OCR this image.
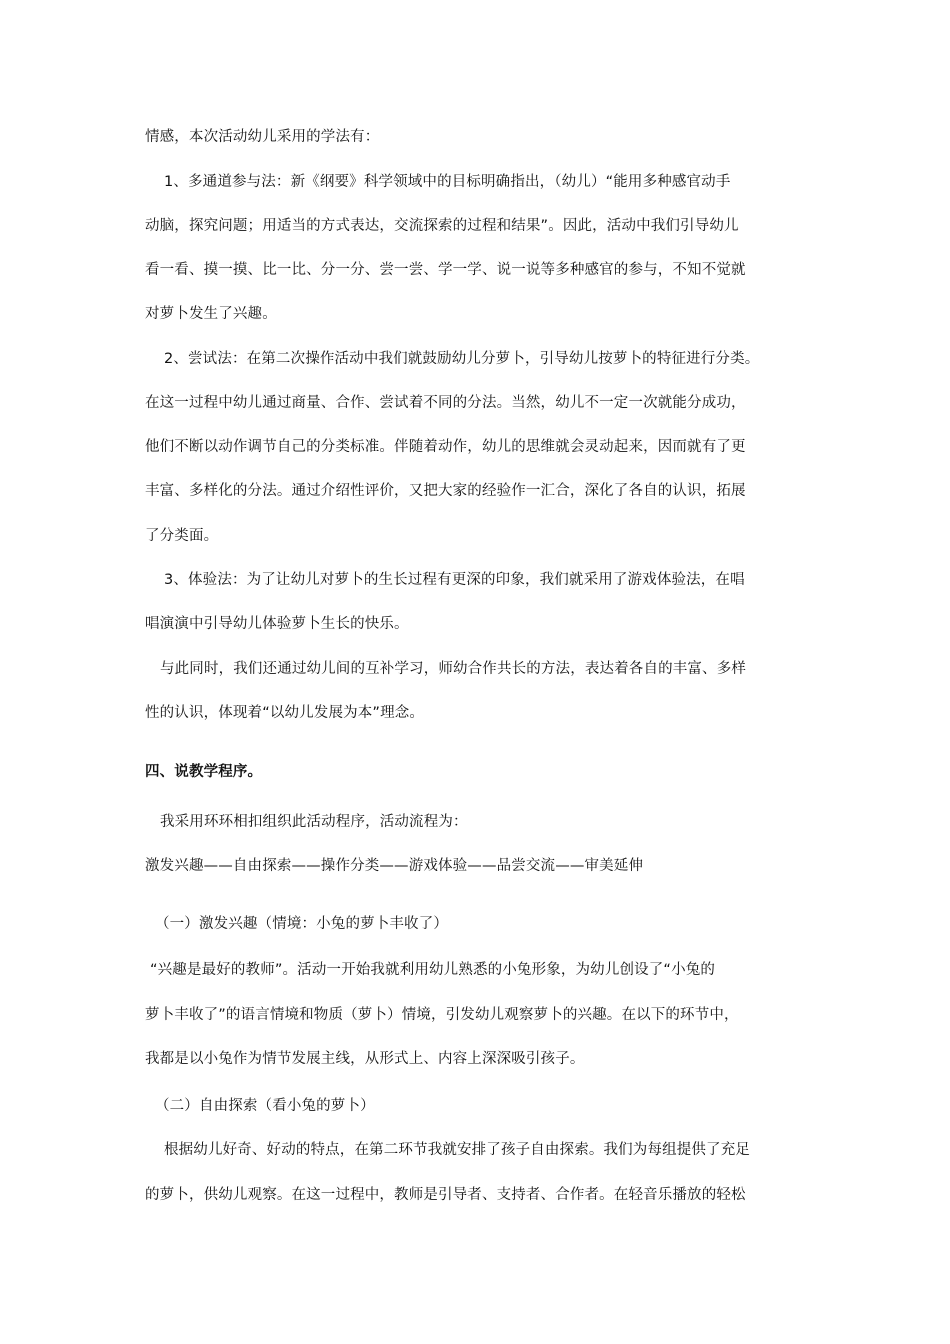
情感，本次活动幼儿采用的学法有：
1、多通道参与法：新《纲要》科学领域中的目标明确指出，（幼儿）“能用多种感官动手
动脑，探究问题；用适当的方式表达，交流探索的过程和结果”。因此，活动中我们引导幼儿
看一看、摸一摸、比一比、分一分、尝一尝、学一学、说一说等多种感官的参与，不知不觉就
对萝卜发生了兴趣。
2、尝试法：在第二次操作活动中我们就鼓励幼儿分萝卜，引导幼儿按萝卜的特征进行分类。
在这一过程中幼儿通过商量、合作、尝试着不同的分法。当然，幼儿不一定一次就能分成功，
他们不断以动作调节自己的分类标准。伴随着动作，幼儿的思维就会灵动起来，因而就有了更
丰富、多样化的分法。通过介绍性评价，又把大家的经验作一汇合，深化了各自的认识，拓展
了分类面。
3、体验法：为了让幼儿对萝卜的生长过程有更深的印象，我们就采用了游戏体验法，在唱
唱演演中引导幼儿体验萝卜生长的快乐。
与此同时，我们还通过幼儿间的互补学习，师幼合作共长的方法，表达着各自的丰富、多样
性的认识，体现着“以幼儿发展为本”理念。
四、说教学程序。
我采用环环相扣组织此活动程序，活动流程为：
激发兴趣——自由探索——操作分类——游戏体验——品尝交流——审美延伸
（一）激发兴趣（情境：小兔的萝卜丰收了）
“兴趣是最好的教师”。活动一开始我就利用幼儿熟悉的小兔形象，为幼儿创设了“小兔的
萝卜丰收了”的语言情境和物质（萝卜）情境，引发幼儿观察萝卜的兴趣。在以下的环节中，
我都是以小兔作为情节发展主线，从形式上、内容上深深吸引孩子。
（二）自由探索（看小兔的萝卜）
根据幼儿好奇、好动的特点，在第二环节我就安排了孩子自由探索。我们为每组提供了充足
的萝卜，供幼儿观察。在这一过程中，教师是引导者、支持者、合作者。在轻音乐播放的轻松
